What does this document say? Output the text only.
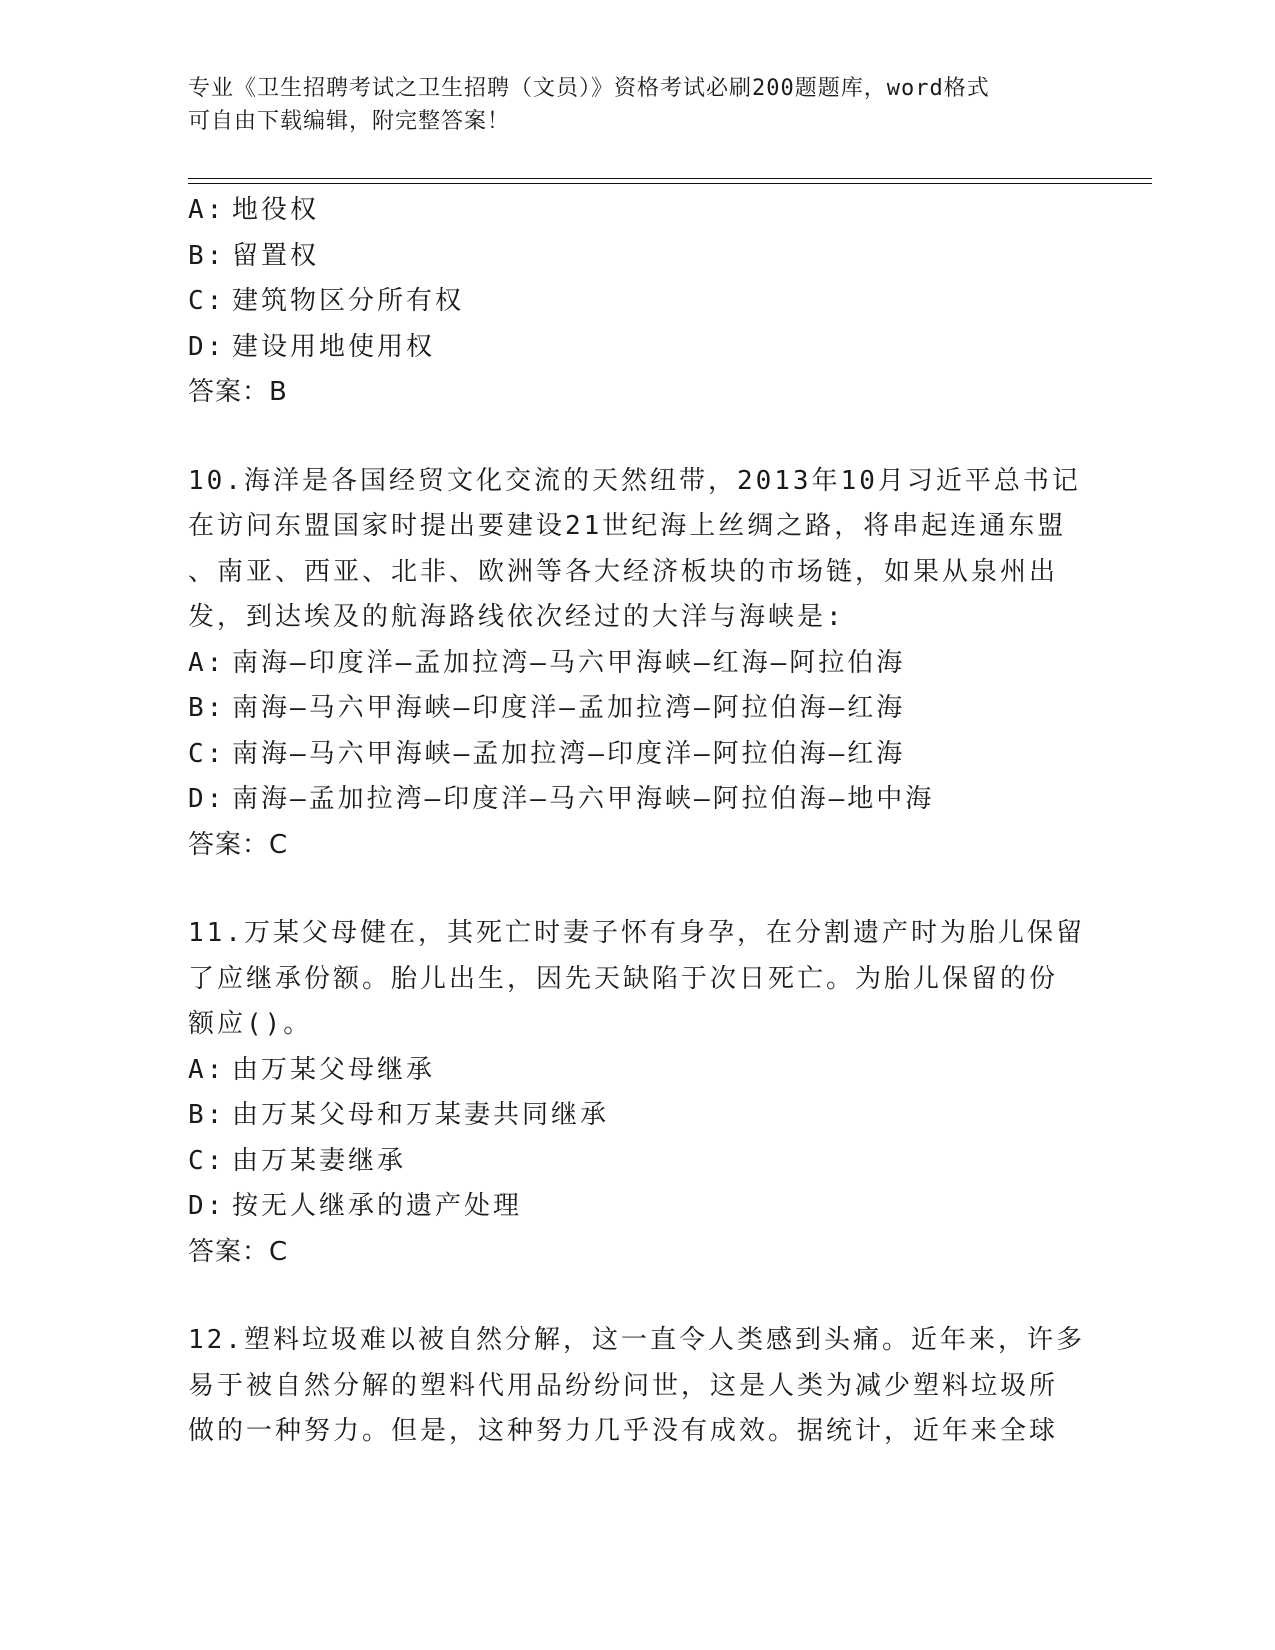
专业《卫生招聘考试之卫生招聘（文员）》资格考试必刷200题题库，word格式
可自由下载编辑，附完整答案！
A: 地役权
B: 留置权
C: 建筑物区分所有权
D: 建设用地使用权
答案：B
10.海洋是各国经贸文化交流的天然纽带，2013年10月习近平总书记
在访问东盟国家时提出要建设21世纪海上丝绸之路，将串起连通东盟
、南亚、西亚、北非、欧洲等各大经济板块的市场链，如果从泉州出
发，到达埃及的航海路线依次经过的大洋与海峡是:
A: 南海—印度洋—孟加拉湾—马六甲海峡—红海—阿拉伯海
B: 南海—马六甲海峡—印度洋—孟加拉湾—阿拉伯海—红海
C: 南海—马六甲海峡—孟加拉湾—印度洋—阿拉伯海—红海
D: 南海—孟加拉湾—印度洋—马六甲海峡—阿拉伯海—地中海
答案：C
11.万某父母健在，其死亡时妻子怀有身孕，在分割遗产时为胎儿保留
了应继承份额。胎儿出生，因先天缺陷于次日死亡。为胎儿保留的份
额应()。
A: 由万某父母继承
B: 由万某父母和万某妻共同继承
C: 由万某妻继承
D: 按无人继承的遗产处理
答案：C
12.塑料垃圾难以被自然分解，这一直令人类感到头痛。近年来，许多
易于被自然分解的塑料代用品纷纷问世，这是人类为减少塑料垃圾所
做的一种努力。但是，这种努力几乎没有成效。据统计，近年来全球
